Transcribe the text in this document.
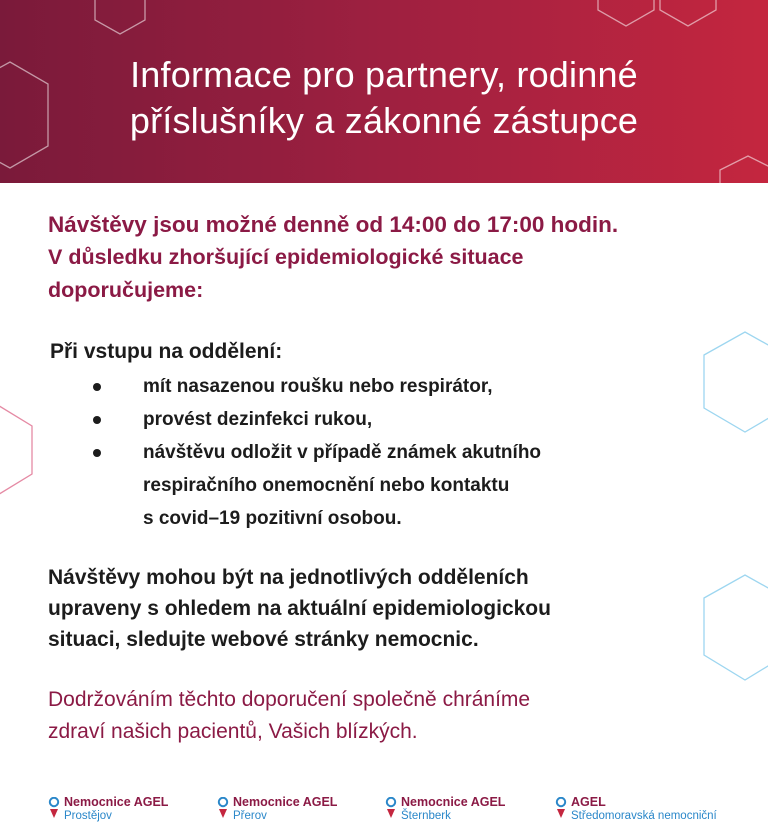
Informace pro partnery, rodinné
příslušníky a zákonné zástupce
Návštěvy jsou možné denně od 14:00 do 17:00 hodin.
V důsledku zhoršující epidemiologické situace
doporučujeme:
Při vstupu na oddělení:
mít nasazenou roušku nebo respirátor,
provést dezinfekci rukou,
návštěvu odložit v případě známek akutního
respiračního onemocnění nebo kontaktu
s covid–19 pozitivní osobou.
Návštěvy mohou být na jednotlivých odděleních
upraveny s ohledem na aktuální epidemiologickou
situaci, sledujte webové stránky nemocnic.
Dodržováním těchto doporučení společně chráníme
zdraví našich pacientů, Vašich blízkých.
Nemocnice AGEL
Prostějov
Nemocnice AGEL
Přerov
Nemocnice AGEL
Šternberk
AGEL
Středomoravská nemocniční
